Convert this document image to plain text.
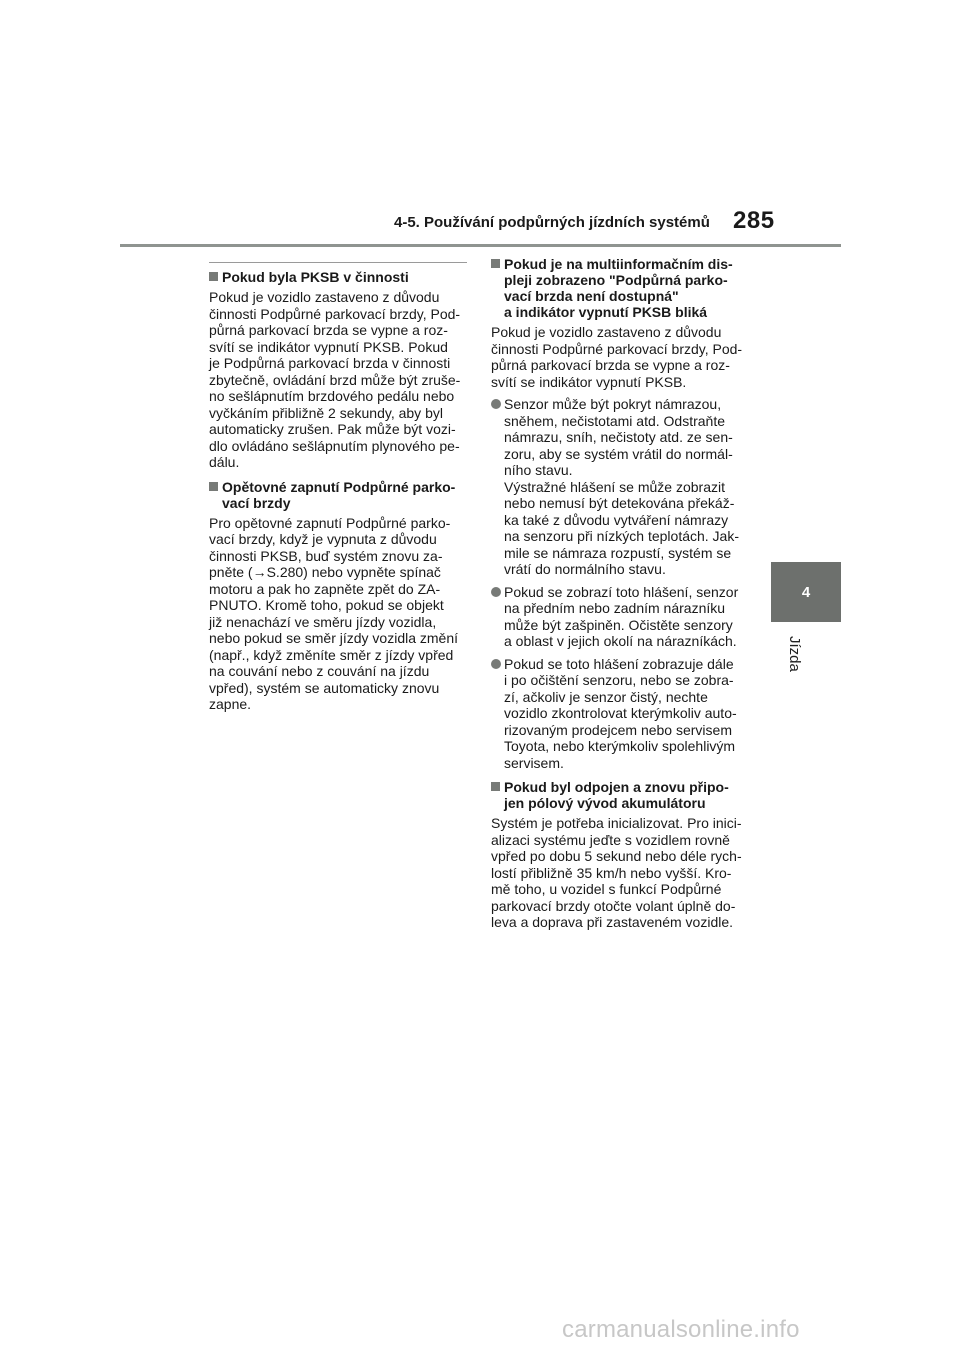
4-5. Používání podpůrných jízdních systémů 285
4
Jízda
Pokud byla PKSB v činnosti
Pokud je vozidlo zastaveno z důvodu
činnosti Podpůrné parkovací brzdy, Pod-
půrná parkovací brzda se vypne a roz-
svítí se indikátor vypnutí PKSB. Pokud
je Podpůrná parkovací brzda v činnosti
zbytečně, ovládání brzd může být zruše-
no sešlápnutím brzdového pedálu nebo
vyčkáním přibližně 2 sekundy, aby byl
automaticky zrušen. Pak může být vozi-
dlo ovládáno sešlápnutím plynového pe-
dálu.
Opětovné zapnutí Podpůrné parko-
vací brzdy
Pro opětovné zapnutí Podpůrné parko-
vací brzdy, když je vypnuta z důvodu
činnosti PKSB, buď systém znovu za-
pněte (→S.280) nebo vypněte spínač
motoru a pak ho zapněte zpět do ZA-
PNUTO. Kromě toho, pokud se objekt
již nenachází ve směru jízdy vozidla,
nebo pokud se směr jízdy vozidla změní
(např., když změníte směr z jízdy vpřed
na couvání nebo z couvání na jízdu
vpřed), systém se automaticky znovu
zapne.
Pokud je na multiinformačním dis-
pleji zobrazeno "Podpůrná parko-
vací brzda není dostupná"
a indikátor vypnutí PKSB bliká
Pokud je vozidlo zastaveno z důvodu
činnosti Podpůrné parkovací brzdy, Pod-
půrná parkovací brzda se vypne a roz-
svítí se indikátor vypnutí PKSB.
Senzor může být pokryt námrazou,
sněhem, nečistotami atd. Odstraňte
námrazu, sníh, nečistoty atd. ze sen-
zoru, aby se systém vrátil do normál-
ního stavu.
Výstražné hlášení se může zobrazit
nebo nemusí být detekována překáž-
ka také z důvodu vytváření námrazy
na senzoru při nízkých teplotách. Jak-
mile se námraza rozpustí, systém se
vrátí do normálního stavu.
Pokud se zobrazí toto hlášení, senzor
na předním nebo zadním nárazníku
může být zašpiněn. Očistěte senzory
a oblast v jejich okolí na nárazníkách.
Pokud se toto hlášení zobrazuje dále
i po očištění senzoru, nebo se zobra-
zí, ačkoliv je senzor čistý, nechte
vozidlo zkontrolovat kterýmkoliv auto-
rizovaným prodejcem nebo servisem
Toyota, nebo kterýmkoliv spolehlivým
servisem.
Pokud byl odpojen a znovu připo-
jen pólový vývod akumulátoru
Systém je potřeba inicializovat. Pro inici-
alizaci systému jeďte s vozidlem rovně
vpřed po dobu 5 sekund nebo déle rych-
lostí přibližně 35 km/h nebo vyšší. Kro-
mě toho, u vozidel s funkcí Podpůrné
parkovací brzdy otočte volant úplně do-
leva a doprava při zastaveném vozidle.
carmanualsonline.info
